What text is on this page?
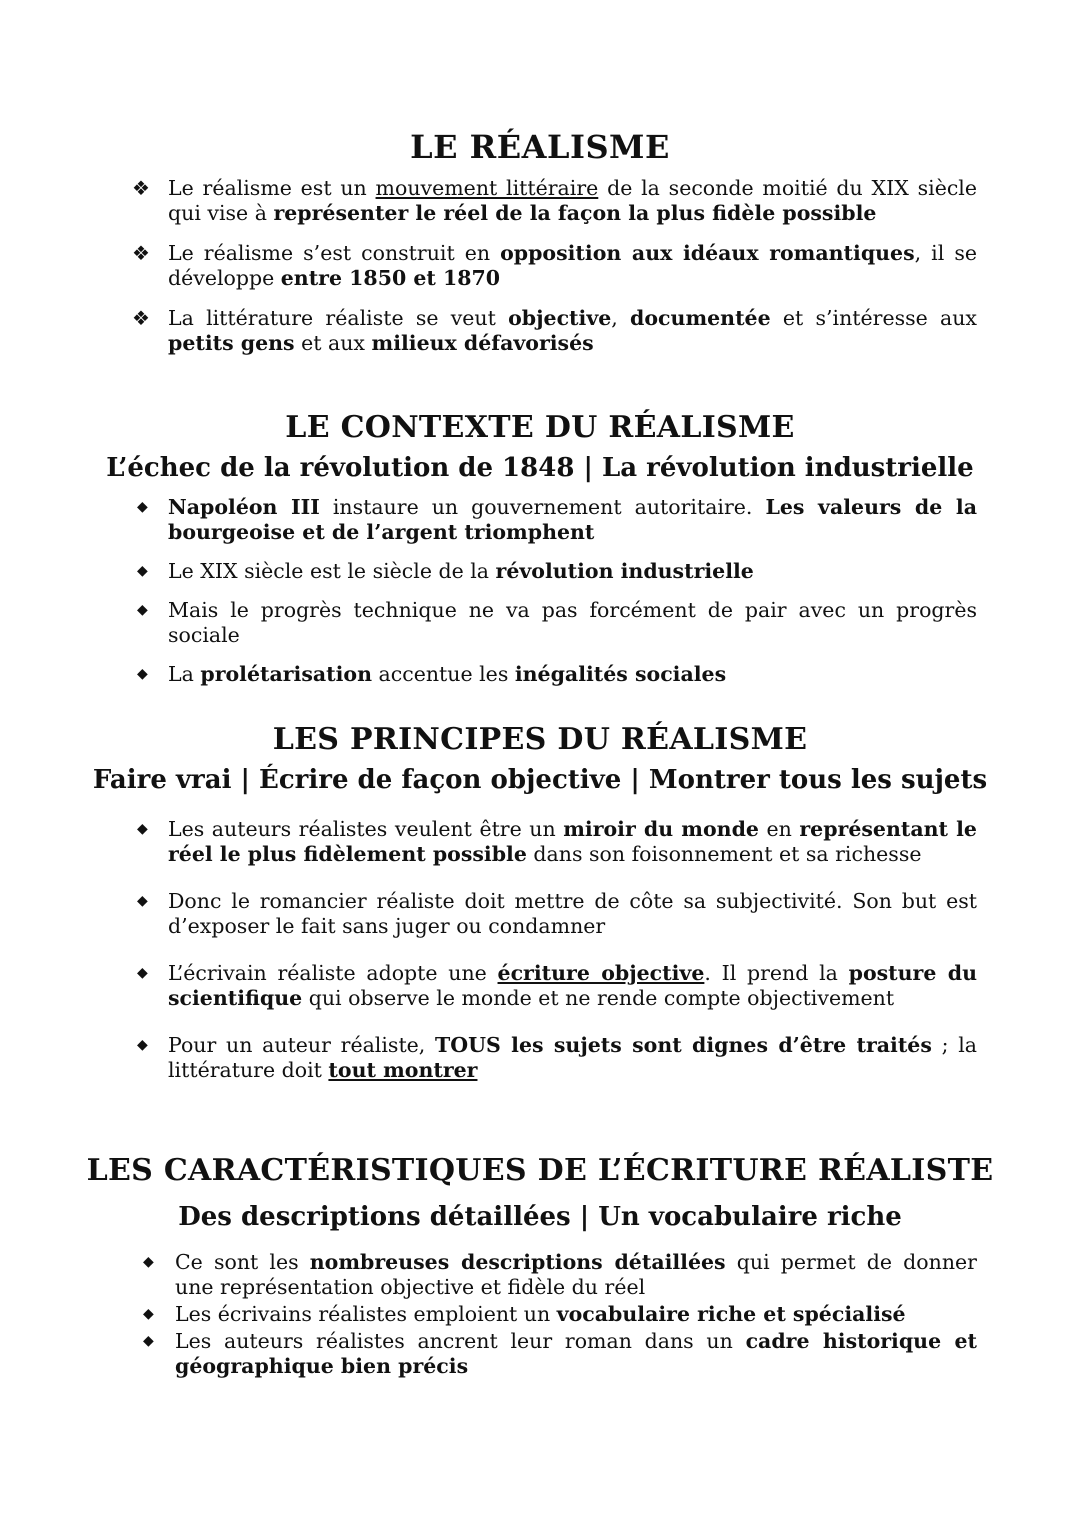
LE RÉALISME
❖ Le réalisme est un mouvement littéraire de la seconde moitié du XIX siècle qui vise à représenter le réel de la façon la plus fidèle possible
❖ Le réalisme s’est construit en opposition aux idéaux romantiques, il se développe entre 1850 et 1870
❖ La littérature réaliste se veut objective, documentée et s’intéresse aux petits gens et aux milieux défavorisés
LE CONTEXTE DU RÉALISME
L’échec de la révolution de 1848 | La révolution industrielle
◆ Napoléon III instaure un gouvernement autoritaire. Les valeurs de la bourgeoise et de l’argent triomphent
◆ Le XIX siècle est le siècle de la révolution industrielle
◆ Mais le progrès technique ne va pas forcément de pair avec un progrès sociale
◆ La prolétarisation accentue les inégalités sociales
LES PRINCIPES DU RÉALISME
Faire vrai | Écrire de façon objective | Montrer tous les sujets
◆ Les auteurs réalistes veulent être un miroir du monde en représentant le réel le plus fidèlement possible dans son foisonnement et sa richesse
◆ Donc le romancier réaliste doit mettre de côte sa subjectivité. Son but est d’exposer le fait sans juger ou condamner
◆ L’écrivain réaliste adopte une écriture objective. Il prend la posture du scientifique qui observe le monde et ne rende compte objectivement
◆ Pour un auteur réaliste, TOUS les sujets sont dignes d’être traités ; la littérature doit tout montrer
LES CARACTÉRISTIQUES DE L’ÉCRITURE RÉALISTE
Des descriptions détaillées | Un vocabulaire riche
◆ Ce sont les nombreuses descriptions détaillées qui permet de donner une représentation objective et fidèle du réel
◆ Les écrivains réalistes emploient un vocabulaire riche et spécialisé
◆ Les auteurs réalistes ancrent leur roman dans un cadre historique et géographique bien précis
